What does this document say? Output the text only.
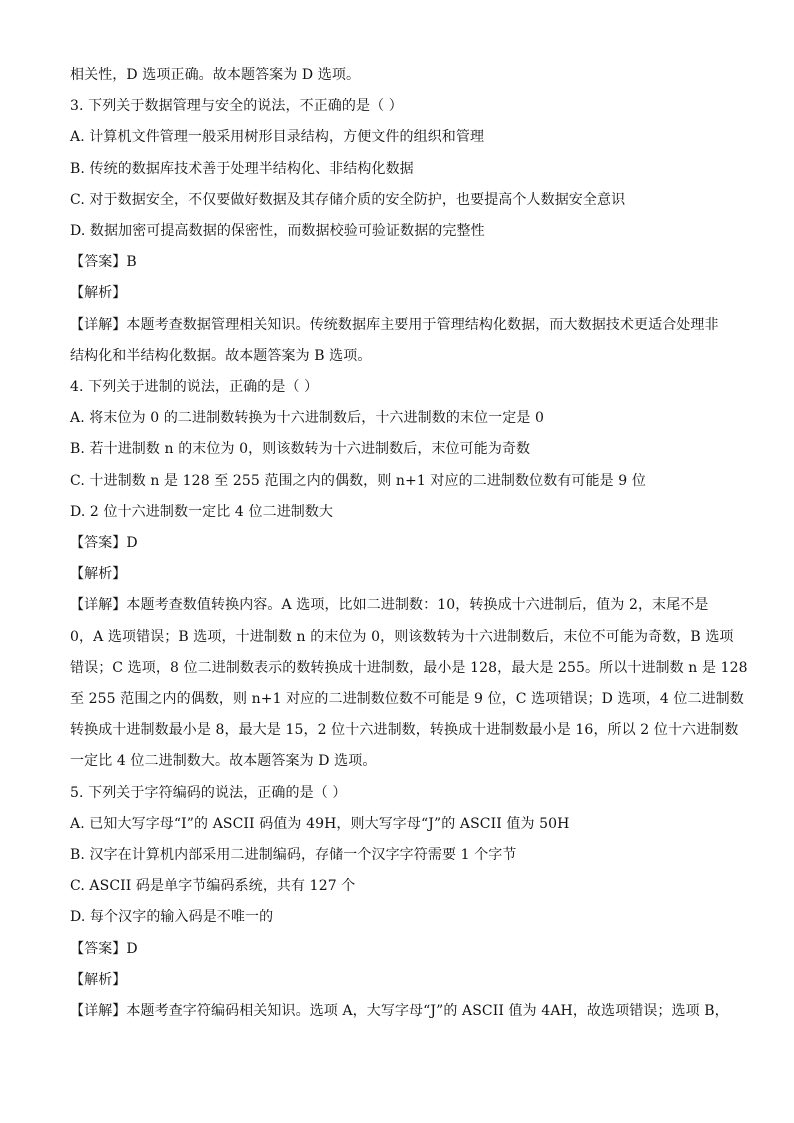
相关性，D 选项正确。故本题答案为 D 选项。
3. 下列关于数据管理与安全的说法，不正确的是（ ）
A. 计算机文件管理一般采用树形目录结构，方便文件的组织和管理
B. 传统的数据库技术善于处理半结构化、非结构化数据
C. 对于数据安全，不仅要做好数据及其存储介质的安全防护，也要提高个人数据安全意识
D. 数据加密可提高数据的保密性，而数据校验可验证数据的完整性
【答案】B
【解析】
【详解】本题考查数据管理相关知识。传统数据库主要用于管理结构化数据，而大数据技术更适合处理非
结构化和半结构化数据。故本题答案为 B 选项。
4. 下列关于进制的说法，正确的是（ ）
A. 将末位为 0 的二进制数转换为十六进制数后，十六进制数的末位一定是 0
B. 若十进制数 n 的末位为 0，则该数转为十六进制数后，末位可能为奇数
C. 十进制数 n 是 128 至 255 范围之内的偶数，则 n+1 对应的二进制数位数有可能是 9 位
D. 2 位十六进制数一定比 4 位二进制数大
【答案】D
【解析】
【详解】本题考查数值转换内容。A 选项，比如二进制数：10，转换成十六进制后，值为 2，末尾不是
0，A 选项错误；B 选项，十进制数 n 的末位为 0，则该数转为十六进制数后，末位不可能为奇数，B 选项
错误；C 选项，8 位二进制数表示的数转换成十进制数，最小是 128，最大是 255。所以十进制数 n 是 128
至 255 范围之内的偶数，则 n+1 对应的二进制数位数不可能是 9 位，C 选项错误；D 选项，4 位二进制数
转换成十进制数最小是 8，最大是 15，2 位十六进制数，转换成十进制数最小是 16，所以 2 位十六进制数
一定比 4 位二进制数大。故本题答案为 D 选项。
5. 下列关于字符编码的说法，正确的是（ ）
A. 已知大写字母“I”的 ASCII 码值为 49H，则大写字母“J”的 ASCII 值为 50H
B. 汉字在计算机内部采用二进制编码，存储一个汉字字符需要 1 个字节
C. ASCII 码是单字节编码系统，共有 127 个
D. 每个汉字的输入码是不唯一的
【答案】D
【解析】
【详解】本题考查字符编码相关知识。选项 A，大写字母“J”的 ASCII 值为 4AH，故选项错误；选项 B，
